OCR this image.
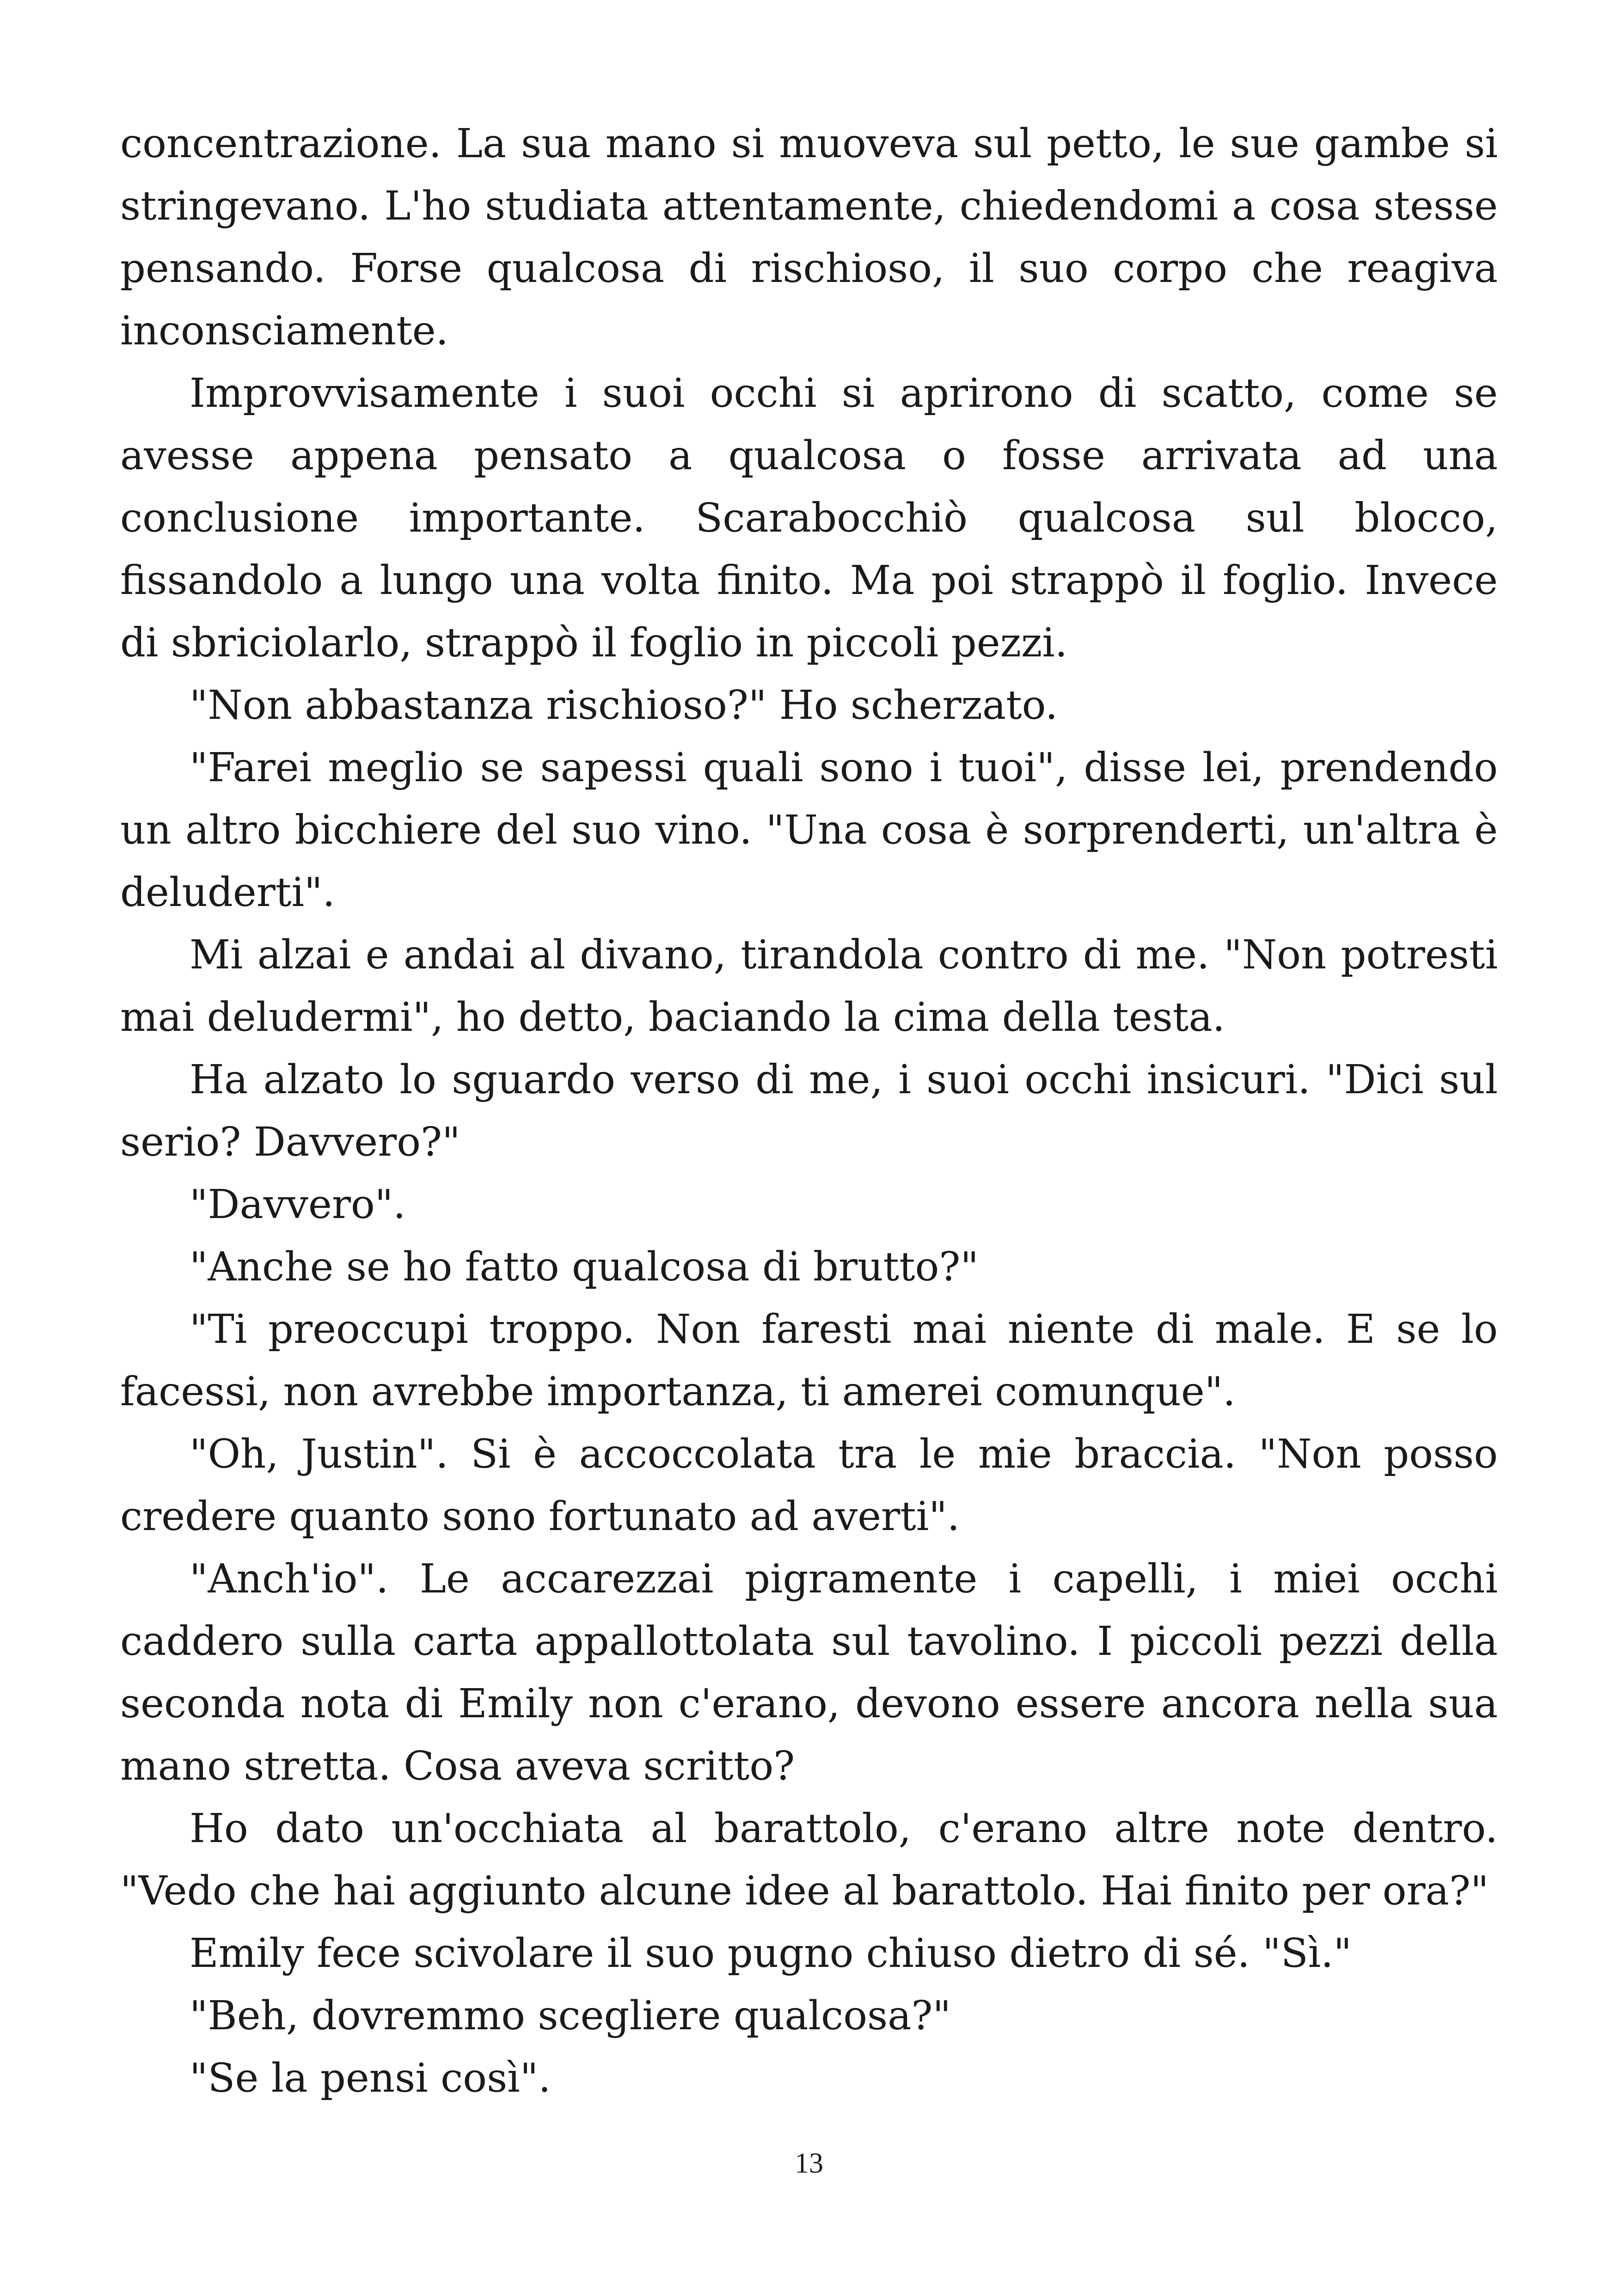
concentrazione. La sua mano si muoveva sul petto, le sue gambe si stringevano. L'ho studiata attentamente, chiedendomi a cosa stesse pensando. Forse qualcosa di rischioso, il suo corpo che reagiva inconsciamente.

Improvvisamente i suoi occhi si aprirono di scatto, come se avesse appena pensato a qualcosa o fosse arrivata ad una conclusione importante. Scarabocchiò qualcosa sul blocco, fissandolo a lungo una volta finito. Ma poi strappò il foglio. Invece di sbriciolarlo, strappò il foglio in piccoli pezzi.

"Non abbastanza rischioso?" Ho scherzato.

"Farei meglio se sapessi quali sono i tuoi", disse lei, prendendo un altro bicchiere del suo vino. "Una cosa è sorprenderti, un'altra è deluderti".

Mi alzai e andai al divano, tirandola contro di me. "Non potresti mai deludermi", ho detto, baciando la cima della testa.

Ha alzato lo sguardo verso di me, i suoi occhi insicuri. "Dici sul serio? Davvero?"

"Davvero".

"Anche se ho fatto qualcosa di brutto?"

"Ti preoccupi troppo. Non faresti mai niente di male. E se lo facessi, non avrebbe importanza, ti amerei comunque".

"Oh, Justin". Si è accoccolata tra le mie braccia. "Non posso credere quanto sono fortunato ad averti".

"Anch'io". Le accarezzai pigramente i capelli, i miei occhi caddero sulla carta appallottolata sul tavolino. I piccoli pezzi della seconda nota di Emily non c'erano, devono essere ancora nella sua mano stretta. Cosa aveva scritto?

Ho dato un'occhiata al barattolo, c'erano altre note dentro. "Vedo che hai aggiunto alcune idee al barattolo. Hai finito per ora?"

Emily fece scivolare il suo pugno chiuso dietro di sé. "Sì."

"Beh, dovremmo scegliere qualcosa?"

"Se la pensi così".

13
